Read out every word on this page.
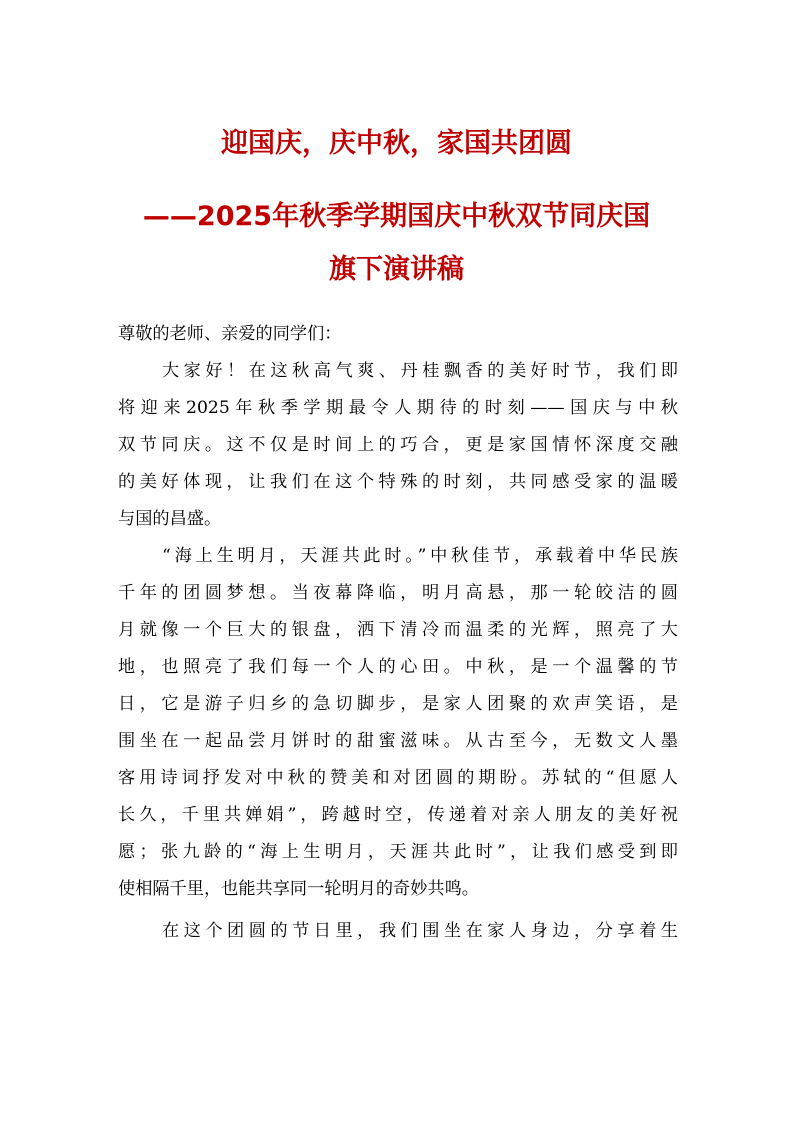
迎国庆，庆中秋，家国共团圆
——2025年秋季学期国庆中秋双节同庆国
旗下演讲稿
尊敬的老师、亲爱的同学们：
大家好！在这秋高气爽、丹桂飘香的美好时节，我们即
将迎来2025年秋季学期最令人期待的时刻——国庆与中秋
双节同庆。这不仅是时间上的巧合，更是家国情怀深度交融
的美好体现，让我们在这个特殊的时刻，共同感受家的温暖
与国的昌盛。
“海上生明月，天涯共此时。”中秋佳节，承载着中华民族
千年的团圆梦想。当夜幕降临，明月高悬，那一轮皎洁的圆
月就像一个巨大的银盘，洒下清冷而温柔的光辉，照亮了大
地，也照亮了我们每一个人的心田。中秋，是一个温馨的节
日，它是游子归乡的急切脚步，是家人团聚的欢声笑语，是
围坐在一起品尝月饼时的甜蜜滋味。从古至今，无数文人墨
客用诗词抒发对中秋的赞美和对团圆的期盼。苏轼的“但愿人
长久，千里共婵娟”，跨越时空，传递着对亲人朋友的美好祝
愿；张九龄的“海上生明月，天涯共此时”，让我们感受到即
使相隔千里，也能共享同一轮明月的奇妙共鸣。
在这个团圆的节日里，我们围坐在家人身边，分享着生
